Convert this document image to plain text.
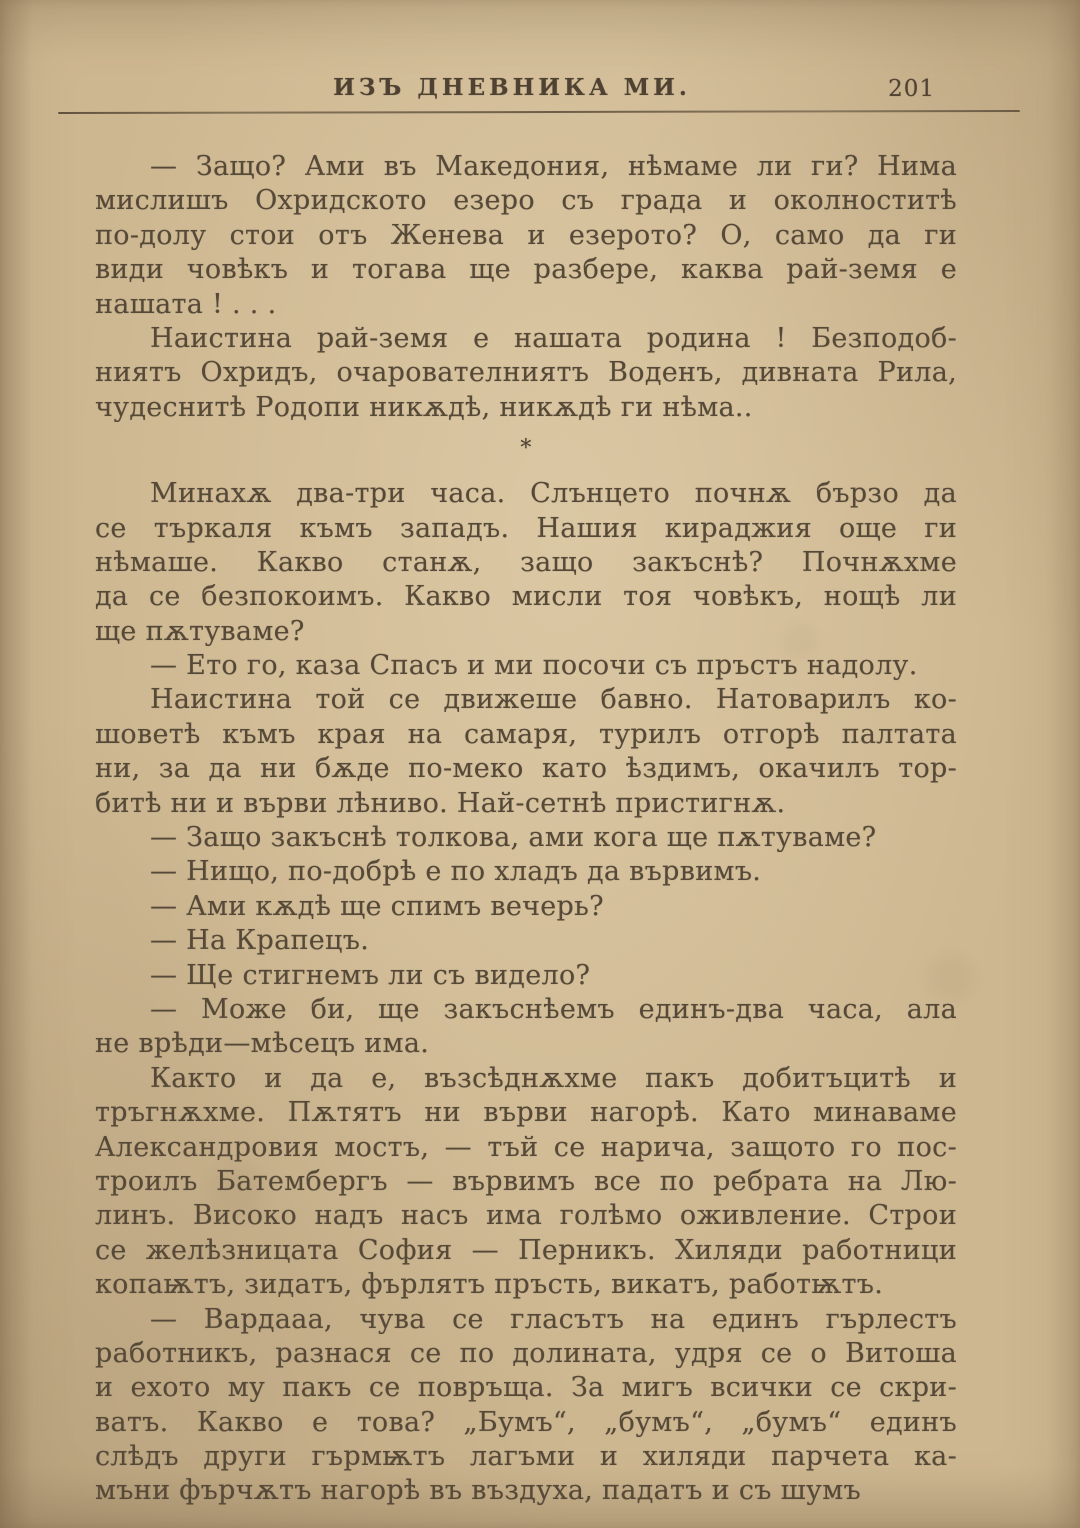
ИЗЪ ДНЕВНИКА МИ.	201
— Защо? Ами въ Македония, нѣмаме ли ги? Нима
мислишъ Охридското езеро съ града и околноститѣ
по-долу стои отъ Женева и езерото? О, само да ги
види човѣкъ и тогава ще разбере, каква рай-земя е
нашата ! . . .
Наистина рай-земя е нашата родина ! Безподоб-
ниятъ Охридъ, очарователниятъ Воденъ, дивната Рила,
чудеснитѣ Родопи никѫдѣ, никѫдѣ ги нѣма..
*
Минахѫ два-три часа. Слънцето почнѫ бързо да
се търкаля къмъ западъ. Нашия кираджия още ги
нѣмаше. Какво станѫ, защо закъснѣ? Почнѫхме
да се безпокоимъ. Какво мисли тоя човѣкъ, нощѣ ли
ще пѫтуваме?
— Ето го, каза Спасъ и ми посочи съ пръстъ надолу.
Наистина той се движеше бавно. Натоварилъ ко-
шоветѣ къмъ края на самаря, турилъ отгорѣ палтата
ни, за да ни бѫде по-меко като ѣздимъ, окачилъ тор-
битѣ ни и върви лѣниво. Най-сетнѣ пристигнѫ.
— Защо закъснѣ толкова, ами кога ще пѫтуваме?
— Нищо, по-добрѣ е по хладъ да вървимъ.
— Ами кѫдѣ ще спимъ вечерь?
— На Крапецъ.
— Ще стигнемъ ли съ видело?
— Може би, ще закъснѣемъ единъ-два часа, ала
не врѣди—мѣсецъ има.
Както и да е, възсѣднѫхме пакъ добитъцитѣ и
тръгнѫхме. Пѫтятъ ни върви нагорѣ. Като минаваме
Александровия мостъ, — тъй се нарича, защото го пос-
троилъ Батембергъ — вървимъ все по ребрата на Лю-
линъ. Високо надъ насъ има голѣмо оживление. Строи
се желѣзницата София — Перникъ. Хиляди работници
копаѭтъ, зидатъ, фърлятъ пръсть, викатъ, работѭтъ.
— Вардааа, чува се гласътъ на единъ гърлестъ
работникъ, разнася се по долината, удря се о Витоша
и ехото му пакъ се повръща. За мигъ всички се скри-
ватъ. Какво е това? „Бумъ“, „бумъ“, „бумъ“ единъ
слѣдъ други гърмѭтъ лагъми и хиляди парчета ка-
мъни фърчѫтъ нагорѣ въ въздуха, падатъ и съ шумъ
